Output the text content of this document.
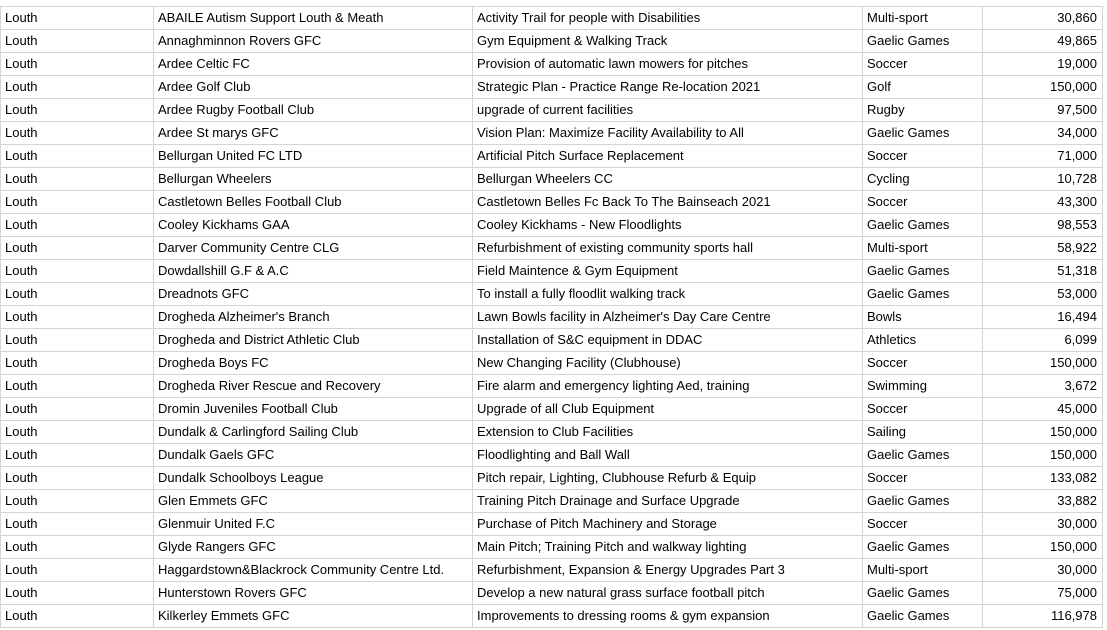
Louth	ABAILE Autism Support Louth & Meath	Activity Trail for people with Disabilities	Multi-sport	30,860
Louth	Annaghminnon Rovers GFC	Gym Equipment & Walking Track	Gaelic Games	49,865
Louth	Ardee Celtic FC	Provision of automatic lawn mowers for pitches	Soccer	19,000
Louth	Ardee Golf Club	Strategic Plan - Practice Range Re-location 2021	Golf	150,000
Louth	Ardee Rugby Football Club	upgrade of current facilities	Rugby	97,500
Louth	Ardee St marys GFC	Vision Plan: Maximize Facility Availability to All	Gaelic Games	34,000
Louth	Bellurgan United FC LTD	Artificial Pitch Surface Replacement	Soccer	71,000
Louth	Bellurgan Wheelers	Bellurgan Wheelers CC	Cycling	10,728
Louth	Castletown Belles Football Club	Castletown Belles Fc Back To The Bainseach 2021	Soccer	43,300
Louth	Cooley Kickhams GAA	Cooley Kickhams - New Floodlights	Gaelic Games	98,553
Louth	Darver Community Centre CLG	Refurbishment of existing community sports hall	Multi-sport	58,922
Louth	Dowdallshill G.F & A.C	Field Maintence & Gym Equipment	Gaelic Games	51,318
Louth	Dreadnots GFC	To install a fully floodlit walking track	Gaelic Games	53,000
Louth	Drogheda Alzheimer's Branch	Lawn Bowls facility in Alzheimer's Day Care Centre	Bowls	16,494
Louth	Drogheda and District Athletic Club	Installation of S&C equipment in DDAC	Athletics	6,099
Louth	Drogheda Boys FC	New Changing Facility (Clubhouse)	Soccer	150,000
Louth	Drogheda River Rescue and Recovery	Fire alarm and emergency lighting Aed, training	Swimming	3,672
Louth	Dromin Juveniles Football Club	Upgrade of all Club Equipment	Soccer	45,000
Louth	Dundalk & Carlingford Sailing Club	Extension to Club Facilities	Sailing	150,000
Louth	Dundalk Gaels GFC	Floodlighting and Ball Wall	Gaelic Games	150,000
Louth	Dundalk Schoolboys League	Pitch repair, Lighting, Clubhouse Refurb & Equip	Soccer	133,082
Louth	Glen Emmets GFC	Training Pitch Drainage and Surface Upgrade	Gaelic Games	33,882
Louth	Glenmuir United F.C	Purchase of Pitch Machinery and Storage	Soccer	30,000
Louth	Glyde Rangers GFC	Main Pitch; Training Pitch and walkway lighting	Gaelic Games	150,000
Louth	Haggardstown&Blackrock Community Centre Ltd.	Refurbishment, Expansion & Energy Upgrades Part 3	Multi-sport	30,000
Louth	Hunterstown Rovers GFC	Develop a new natural grass surface football pitch	Gaelic Games	75,000
Louth	Kilkerley Emmets GFC	Improvements to dressing rooms & gym expansion	Gaelic Games	116,978
